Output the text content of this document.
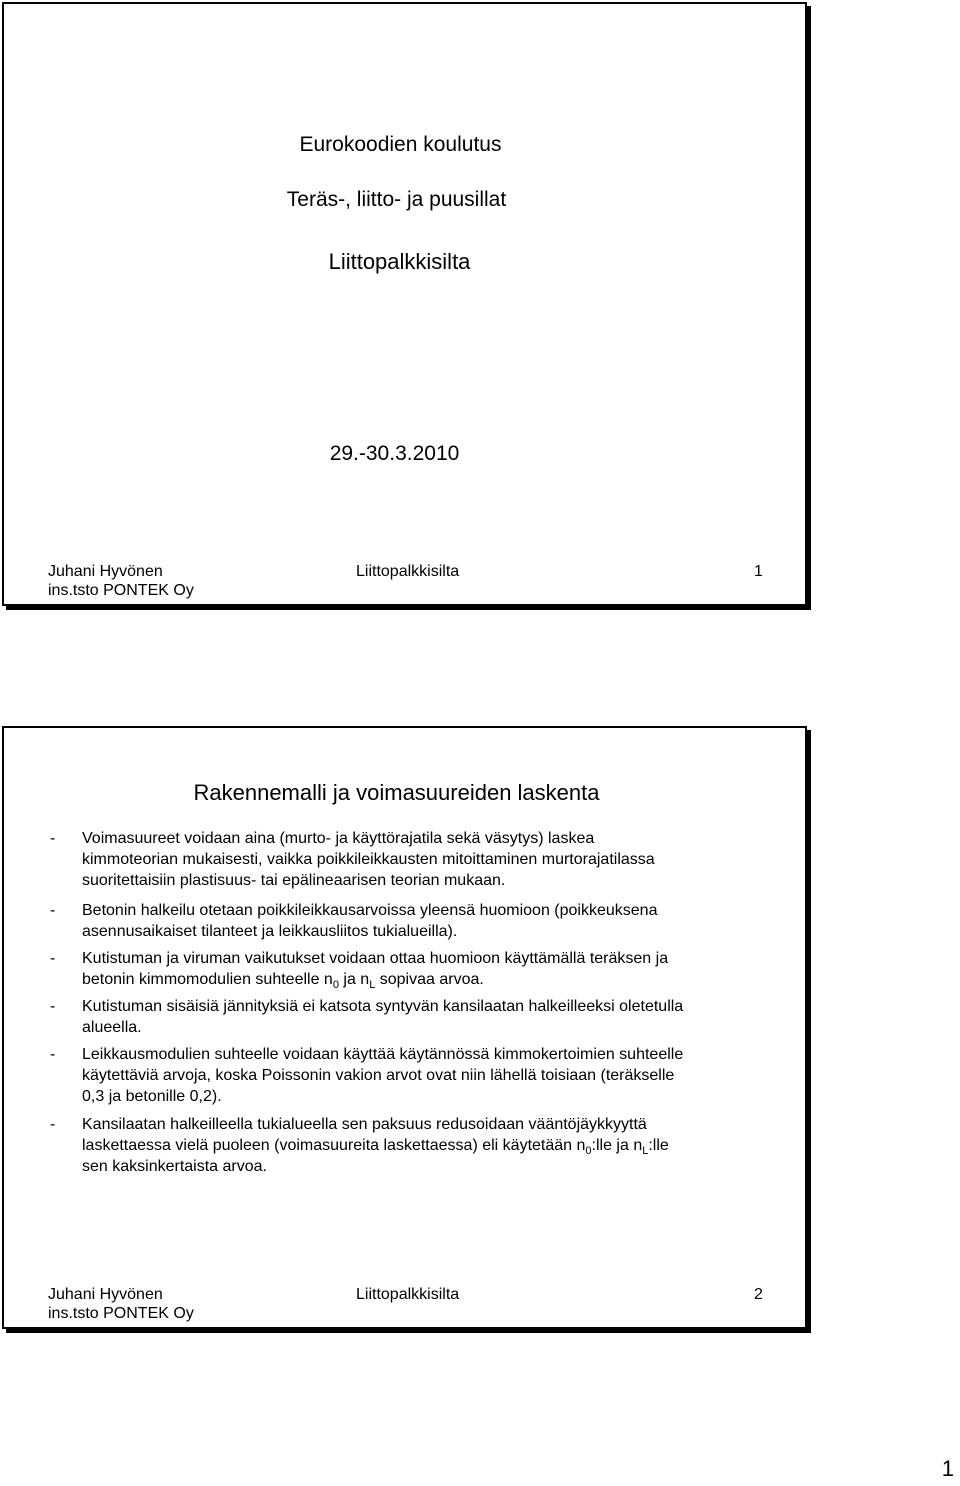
Eurokoodien koulutus
Teräs-, liitto- ja puusillat
Liittopalkkisilta
29.-30.3.2010
Juhani Hyvönen
ins.tsto PONTEK Oy
Liittopalkkisilta	1
Rakennemalli ja voimasuureiden laskenta
- Voimasuureet voidaan aina (murto- ja käyttörajatila sekä väsytys) laskea
kimmoteorian mukaisesti, vaikka poikkileikkausten mitoittaminen murtorajatilassa
suoritettaisiin plastisuus- tai epälineaarisen teorian mukaan.
- Betonin halkeilu otetaan poikkileikkausarvoissa yleensä huomioon (poikkeuksena
asennusaikaiset tilanteet ja leikkausliitos tukialueilla).
- Kutistuman ja viruman vaikutukset voidaan ottaa huomioon käyttämällä teräksen ja
betonin kimmomodulien suhteelle $n_0$ ja $n_L$ sopivaa arvoa.
- Kutistuman sisäisiä jännityksiä ei katsota syntyvän kansilaatan halkeilleeksi oletetulla
alueella.
- Leikkausmodulien suhteelle voidaan käyttää käytännössä kimmokertoimien suhteelle
käytettäviä arvoja, koska Poissonin vakion arvot ovat niin lähellä toisiaan (teräkselle
0,3 ja betonille 0,2).
- Kansilaatan halkeilleella tukialueella sen paksuus redusoidaan vääntöjäykkyyttä
laskettaessa vielä puoleen (voimasuureita laskettaessa) eli käytetään $n_0:lle$ ja $n_L:lle$
sen kaksinkertaista arvoa.
Juhani Hyvönen
ins.tsto PONTEK Oy
Liittopalkkisilta	2
1
